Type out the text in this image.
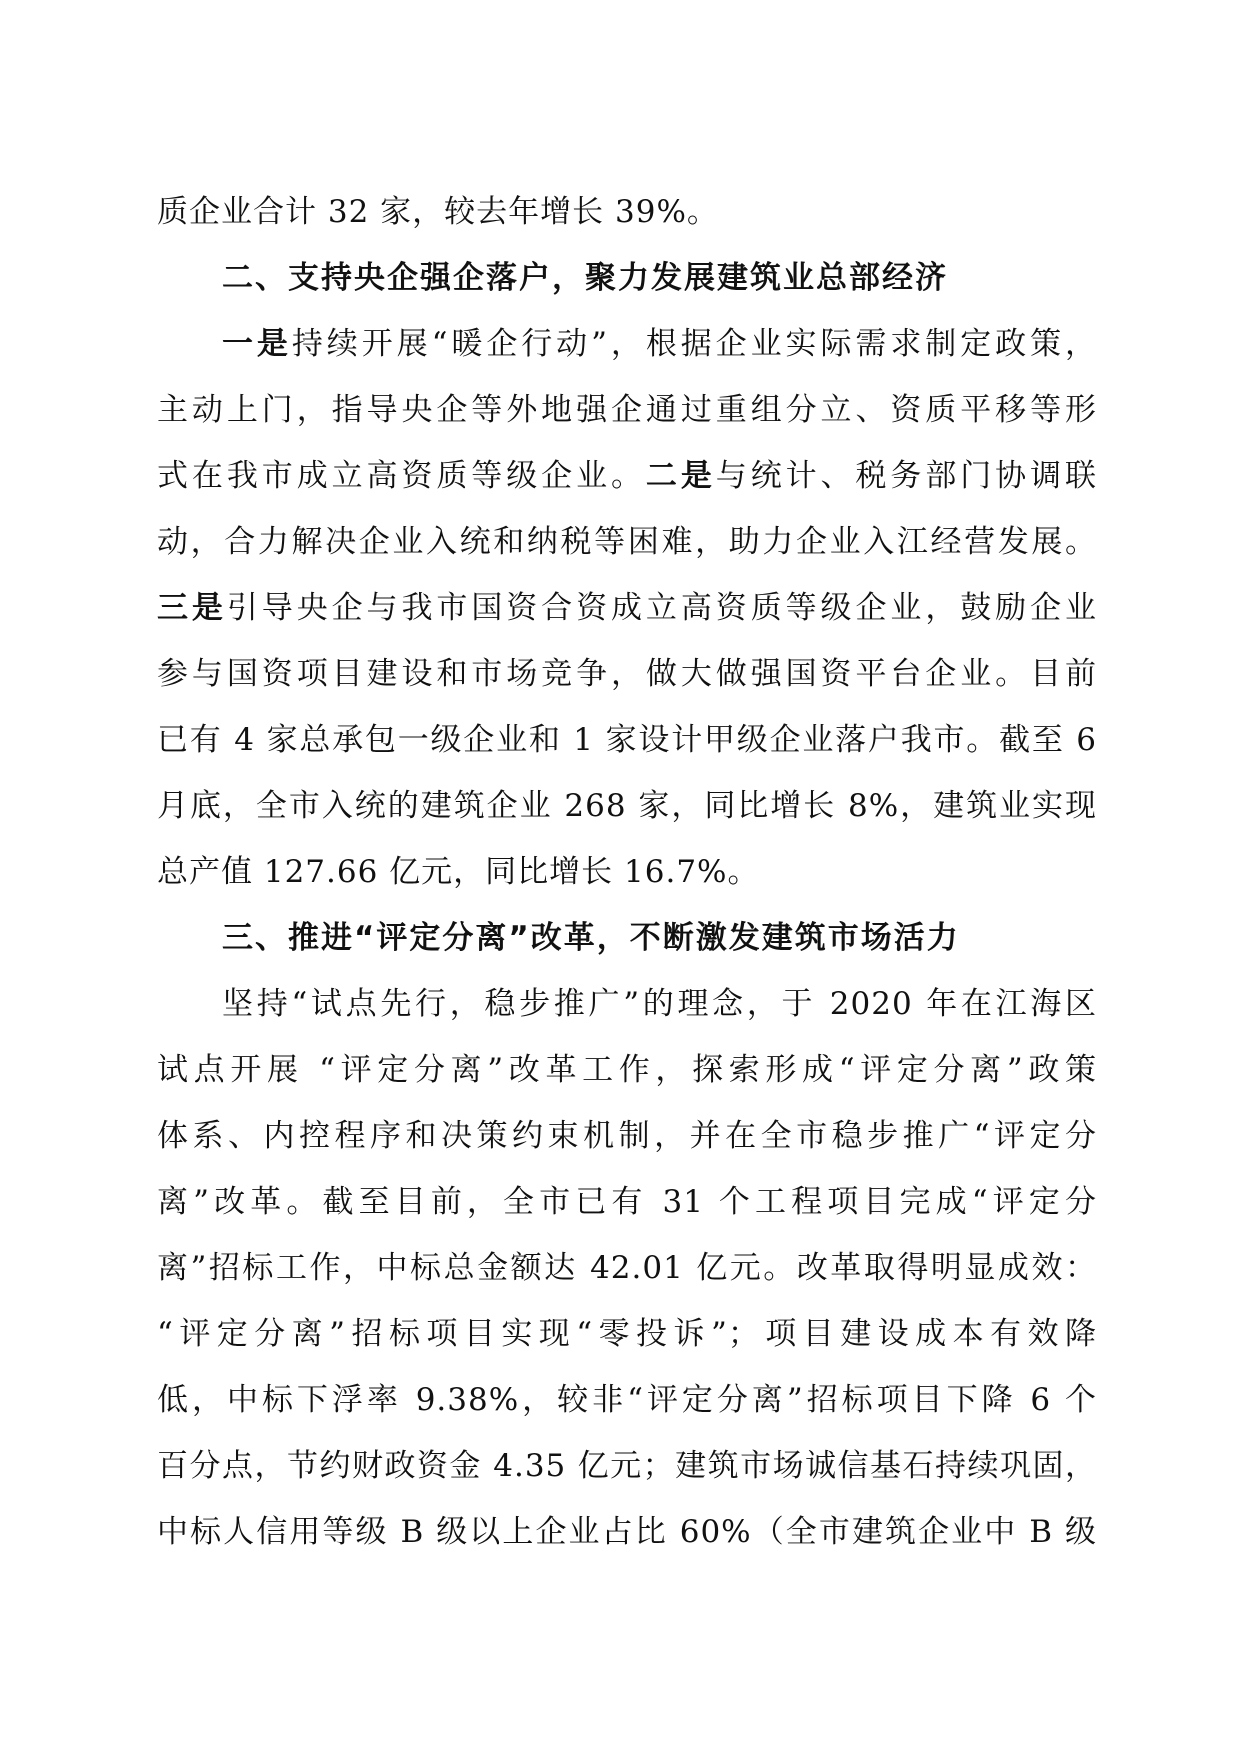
质企业合计 32 家，较去年增长 39%。
二、支持央企强企落户，聚力发展建筑业总部经济
一是持续开展“暖企行动”，根据企业实际需求制定政策，
主动上门，指导央企等外地强企通过重组分立、资质平移等形
式在我市成立高资质等级企业。二是与统计、税务部门协调联
动，合力解决企业入统和纳税等困难，助力企业入江经营发展。
三是引导央企与我市国资合资成立高资质等级企业，鼓励企业
参与国资项目建设和市场竞争，做大做强国资平台企业。目前
已有 4 家总承包一级企业和 1 家设计甲级企业落户我市。截至 6
月底，全市入统的建筑企业 268 家，同比增长 8%，建筑业实现
总产值 127.66 亿元，同比增长 16.7%。
三、推进“评定分离”改革，不断激发建筑市场活力
坚持“试点先行，稳步推广”的理念，于 2020 年在江海区
试点开展 “评定分离”改革工作，探索形成“评定分离”政策
体系、内控程序和决策约束机制，并在全市稳步推广“评定分
离”改革。截至目前，全市已有 31 个工程项目完成“评定分
离”招标工作，中标总金额达 42.01 亿元。改革取得明显成效：
“评定分离”招标项目实现“零投诉”；项目建设成本有效降
低，中标下浮率 9.38%，较非“评定分离”招标项目下降 6 个
百分点，节约财政资金 4.35 亿元；建筑市场诚信基石持续巩固，
中标人信用等级 B 级以上企业占比 60%（全市建筑企业中 B 级
